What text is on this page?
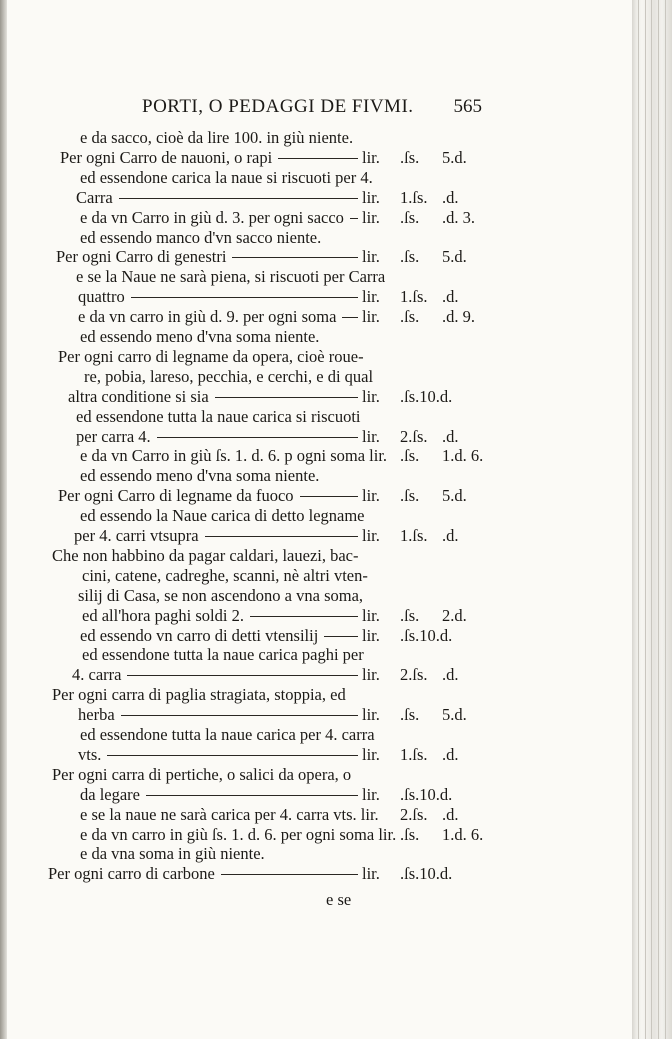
PORTI, O PEDAGGI DE FIVMI.	565
e da sacco, cioè da lire 100. in giù niente.
Per ogni Carro de nauoni, o rapi	lir. .ſs. 5.d.
ed essendone carica la naue si riscuoti per 4.
Carra	lir. 1.ſs. .d.
e da vn Carro in giù d. 3. per ogni sacco lir. .ſs. .d. 3.
ed essendo manco d'vn sacco niente.
Per ogni Carro di genestri	lir. .ſs. 5.d.
e se la Naue ne sarà piena, si riscuoti per Carra
quattro	lir. 1.ſs. .d.
e da vn carro in giù d. 9. per ogni soma lir. .ſs. .d. 9.
ed essendo meno d'vna soma niente.
Per ogni carro di legname da opera, cioè roue-
re, pobia, lareso, pecchia, e cerchi, e di qual
altra conditione si sia	lir. .ſs.10.d.
ed essendone tutta la naue carica si riscuoti
per carra 4.	lir. 2.ſs. .d.
e da vn Carro in giù ſs. 1. d. 6. p ogni soma lir. .ſs. 1.d. 6.
ed essendo meno d'vna soma niente.
Per ogni Carro di legname da fuoco	lir. .ſs. 5.d.
ed essendo la Naue carica di detto legname
per 4. carri vtsupra	lir. 1.ſs. .d.
Che non habbino da pagar caldari, lauezi, bac-
cini, catene, cadreghe, scanni, nè altri vten-
silij di Casa, se non ascendono a vna soma,
ed all'hora paghi soldi 2.	lir. .ſs. 2.d.
ed essendo vn carro di detti vtensilij	lir. .ſs.10.d.
ed essendone tutta la naue carica paghi per
4. carra	lir. 2.ſs. .d.
Per ogni carra di paglia stragiata, stoppia, ed
herba	lir. .ſs. 5.d.
ed essendone tutta la naue carica per 4. carra
vts.	lir. 1.ſs. .d.
Per ogni carra di pertiche, o salici da opera, o
da legare	lir. .ſs.10.d.
e se la naue ne sarà carica per 4. carra vts. lir. 2.ſs. .d.
e da vn carro in giù ſs. 1. d. 6. per ogni soma lir. .ſs. 1.d. 6.
e da vna soma in giù niente.
Per ogni carro di carbone	lir. .ſs.10.d.
e se
